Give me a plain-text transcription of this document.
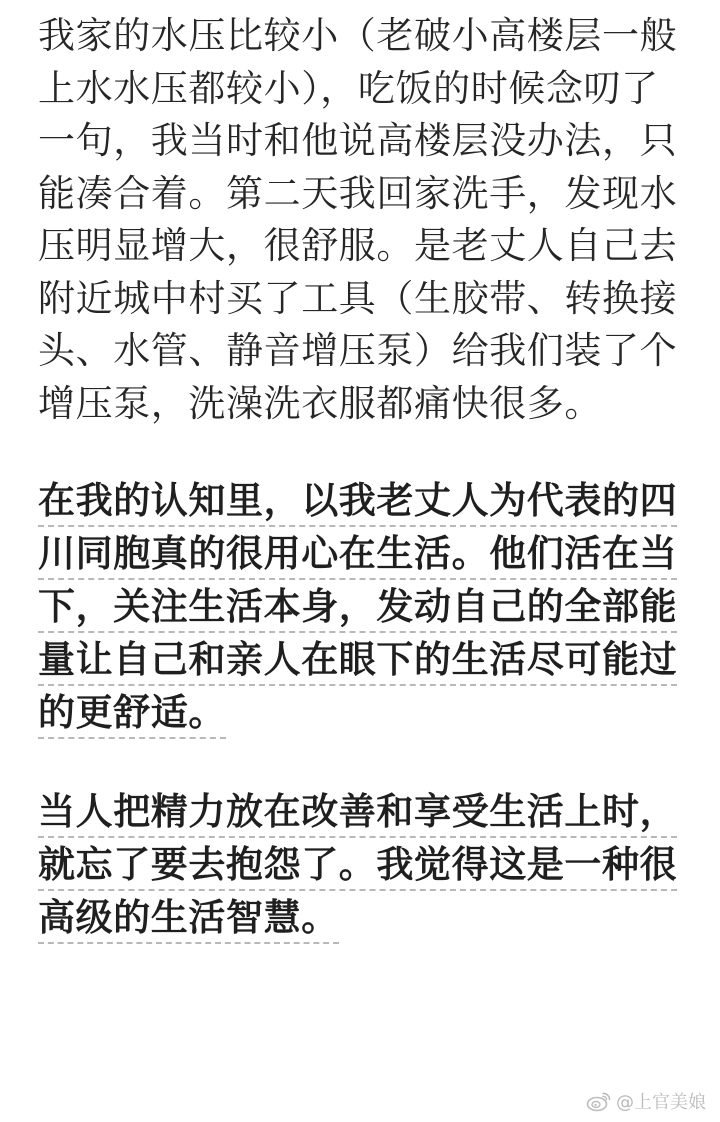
我家的水压比较小（老破小高楼层一般
上水水压都较小），吃饭的时候念叨了
一句，我当时和他说高楼层没办法，只
能凑合着。第二天我回家洗手，发现水
压明显增大，很舒服。是老丈人自己去
附近城中村买了工具（生胶带、转换接
头、水管、静音增压泵）给我们装了个
增压泵，洗澡洗衣服都痛快很多。

在我的认知里，以我老丈人为代表的四
川同胞真的很用心在生活。他们活在当
下，关注生活本身，发动自己的全部能
量让自己和亲人在眼下的生活尽可能过
的更舒适。

当人把精力放在改善和享受生活上时，
就忘了要去抱怨了。我觉得这是一种很
高级的生活智慧。

@上官美娘
